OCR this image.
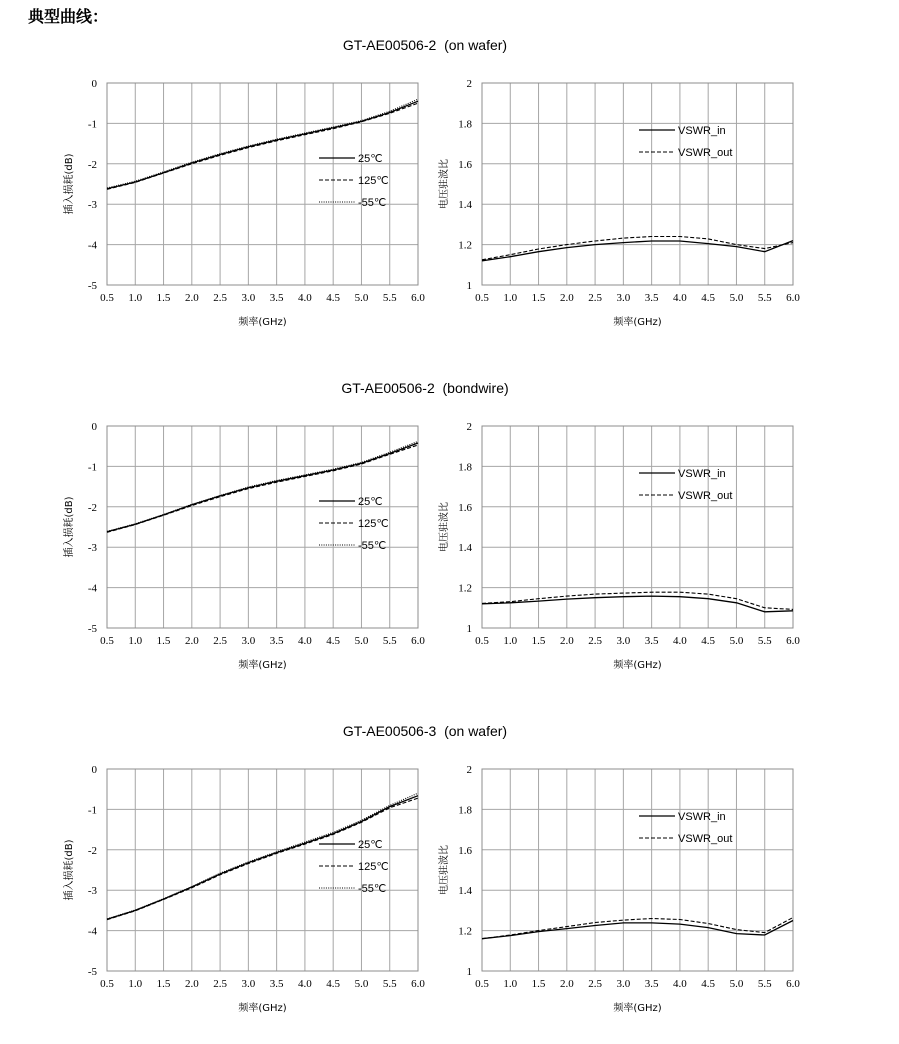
典型曲线：
GT-AE00506-2  (on wafer)
GT-AE00506-2  (bondwire)
GT-AE00506-3  (on wafer)
-5
-4
-3
-2
-1
0
0.5 1.0 1.5 2.0 2.5 3.0 3.5 4.0 4.5 5.0 5.5 6.0
频率(GHz)
插入损耗(dB)	25℃
125℃
-55℃
1
1.2
1.4
1.6
1.8
2
0.5 1.0 1.5 2.0 2.5 3.0 3.5 4.0 4.5 5.0 5.5 6.0
频率(GHz)
电压驻波比
VSWR_in
VSWR_out
-5
-4
-3
-2
-1
0
0.5 1.0 1.5 2.0 2.5 3.0 3.5 4.0 4.5 5.0 5.5 6.0
频率(GHz)
插入损耗(dB)	25℃
125℃
-55℃
1
1.2
1.4
1.6
1.8
2
0.5 1.0 1.5 2.0 2.5 3.0 3.5 4.0 4.5 5.0 5.5 6.0
频率(GHz)
电压驻波比
VSWR_in
VSWR_out
-5
-4
-3
-2
-1
0
0.5 1.0 1.5 2.0 2.5 3.0 3.5 4.0 4.5 5.0 5.5 6.0
频率(GHz)
插入损耗(dB)	25℃
125℃
-55℃
1
1.2
1.4
1.6
1.8
2
0.5 1.0 1.5 2.0 2.5 3.0 3.5 4.0 4.5 5.0 5.5 6.0
频率(GHz)
电压驻波比
VSWR_in
VSWR_out
